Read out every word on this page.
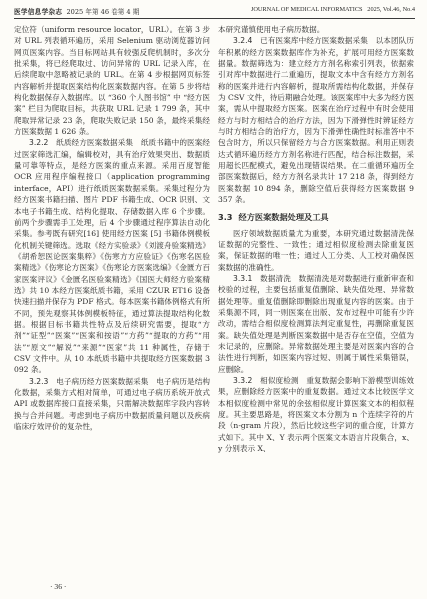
医学信息学杂志 2025 年第 46 卷第 4 期	JOURNAL OF MEDICAL INFORMATICS 2025, Vol.46, No.4

定位符（uniform resource locator，URL）。在第 3 步对 URL 列表循环遍历，采用 Selenium 驱动浏览器访问网页医案内容。当目标网站具有较强反爬机制时，多次分批采集，将已经爬取过、访问异常的 URL 记录入库，在后续爬取中忽略被记录的 URL。在第 4 步根据网页标签内容解析并提取医案结构化医案数据内容。在第 5 步将结构化数据保存入数据库。以 “360 个人图书馆” 中 “经方医案” 栏目为爬取目标，共获取 URL 记录 1 799 条，其中爬取异常记录 23 条，爬取失败记录 150 条，最终采集经方医案数据 1 626 条。

3.2.2　纸质经方医案数据采集　 纸质书籍中的医案经过医家筛选汇编，编辑校对，具有治疗效果突出、数据质量可靠等特点，是经方医案的重点来源。采用百度智能 OCR 应用程序编程接口（application programming interface，API）进行纸质医案数据采集。采集过程分为经方医案书籍扫描、图片 PDF 书籍生成、OCR 识别、文本电子书籍生成、结构化提取、存储数据入库 6 个步骤。前两个步骤需手工处理，后 4 个步骤通过程序算法自动化采集。参考既有研究[16] 使用经方医案 [5] 书籍体例模板化机制关键筛选。选取《经方实验录》《刘渡舟验案精选》《胡希恕医论医案集粹》《伤寒方方应验证》《伤寒名医验案精选》《伤寒论方医案》《伤寒论方医案选编》《金匮方百家医案评议》《金匮名医验案精选》《国医大师经方验案精选》共 10 本经方医案纸质书籍，采用 CZUR ET16 设备快速扫描并保存为 PDF 格式。每本医案书籍体例格式有所不同，预先观察其体例模板特征，通过算法提取结构化数据。根据目标书籍共性特点及后续研究需要，提取“方剂”“证型”“医案”“医案和按语”“方药”“提取的方药”“用法”“原文”“解说”“来源”“医家”共 11 种属性，存储于 CSV 文件中。从 10 本纸质书籍中共提取经方医案数据 3 092 条。

3.2.3　电子病历经方医案数据采集　 电子病历是结构化数据，采集方式相对简单，可通过电子病历系统开放式 API 或数据库接口直接采集，只需解决数据库字段内容转换与合并问题。考虑到电子病历中数据质量问题以及疾病临床疗效评价的复杂性，

本研究谨慎使用电子病历数据。

3.2.4　已有医案库中经方医案数据采集　 以本团队历年积累的经方医案数据库作为补充，扩展可用经方医案数据量。数据筛选为：建立经方方剂名称索引列表，依据索引对库中数据进行二重遍历，提取文本中含有经方方剂名称的医案并进行内容解析，提取所需结构化数据，并保存为 CSV 文件，待后期融合处理。该医案库中大多为经方医案，需从中提取经方医案。医案在治疗过程中有时会使用经方与时方相结合的治疗方法，因为下滑弹性时辨证经方与时方相结合的治疗方，因为下滑弹性确性时标准答中不包含时方，所以只保留经方与合方医案数据。利用正则表达式循环遍历经方方剂名称进行匹配，结合标注数据，采用超长匹配模式，避免出现错误结果。在二重循环遍历全部医案数据后，经方方剂名录共计 17 218 条，得到经方医案数据 10 894 条，删除空值后获得经方医案数据 9 357 条。

3.3 经方医案数据处理及工具

医疗领域数据质量尤为重要，本研究通过数据清洗保证数据的完整性、一致性；通过相似度检测去除重复医案，保证数据的唯一性；通过人工分类、人工校对确保医案数据的准确性。

3.3.1　数据清洗　 数据清洗是对数据进行重新审查和校验的过程，主要包括重复值删除、缺失值处理、异常数据处理等。重复值删除即删除出现重复内容的医案。由于采集源不同，同一则医案在出版、发布过程中可能有少许改动，需结合相似度检测算法判定重复性，再删除重复医案。缺失值处理是判断医案数据中是否存在空值，空值为未记录的，应删除。异常数据处理主要是对医案内容的合法性进行判断，如医案内容过短、则属于属性采集错误，应删除。

3.3.2　相似度检测　 重复数据会影响下游模型训练效果，应删除经方医案中的重复数据。通过文本比较医学文本相似度检测中常见的余弦相似度计算医案文本的相似程度。其主要思路是，将医案文本分割为 n 个连续字符的片段（n-gram 片段），然后比较这些字词的重合度，计算方式如下。其中 X、Y 表示两个医案文本语言片段集合，x、y 分别表示 X、

· 36 ·
